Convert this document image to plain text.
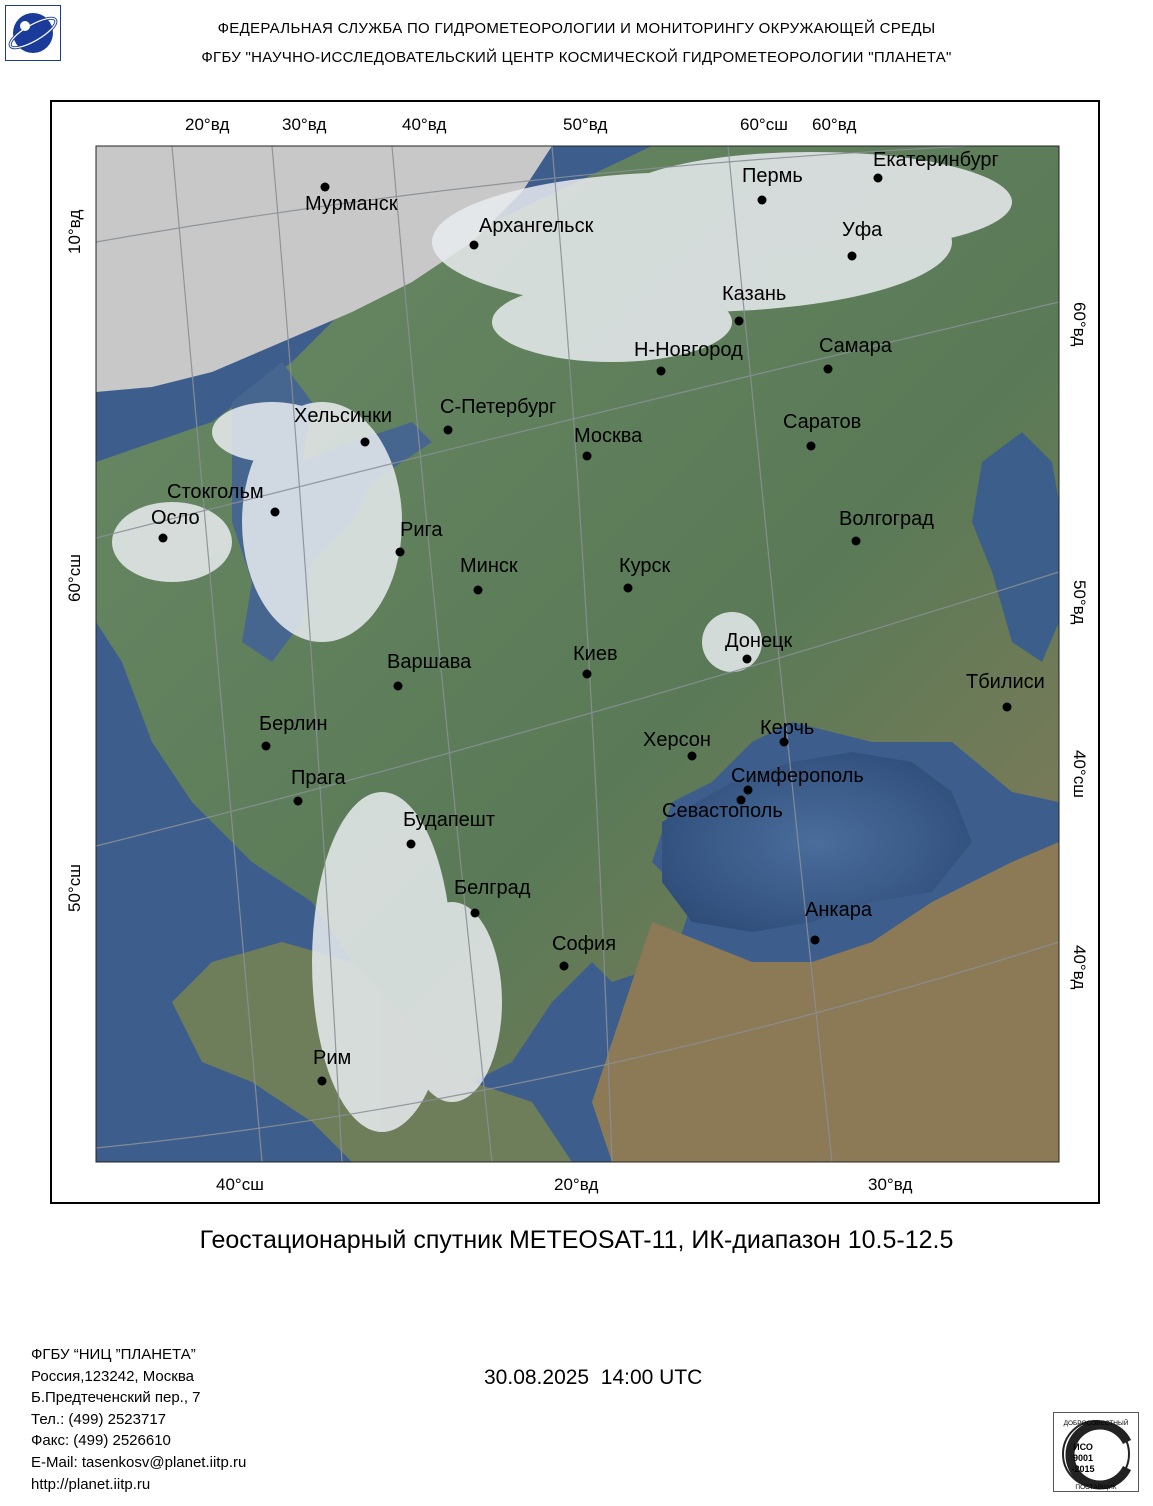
ФЕДЕРАЛЬНАЯ СЛУЖБА ПО ГИДРОМЕТЕОРОЛОГИИ И МОНИТОРИНГУ ОКРУЖАЮЩЕЙ СРЕДЫ
ФГБУ "НАУЧНО-ИССЛЕДОВАТЕЛЬСКИЙ ЦЕНТР КОСМИЧЕСКОЙ ГИДРОМЕТЕОРОЛОГИИ "ПЛАНЕТА"
20°вд	30°вд	40°вд	50°вд	60°сш 60°вд
40°сш	20°вд	30°вд
10°вд
60°сш
50°сш
60°вд
50°вд
40°сш
40°вд
Екатеринбург
Пермь
Мурманск
Архангельск	Уфа
Казань
Н-Новгород	Самара
Хельсинки С-Петербург
Москва
Саратов
Стокгольм
Осло
Рига	Волгоград
Минск	Курск
Донецк
Варшава	Киев
Тбилиси
Берлин
Херсон
Керчь
Прага	Симферополь
Севастополь
Будапешт
Белград
Анкара
София
Рим
Геостационарный спутник METEOSAT-11, ИК-диапазон 10.5-12.5
ФГБУ “НИЦ ”ПЛАНЕТА”
Россия,123242, Москва
Б.Предтеченский пер., 7
Тел.: (499) 2523717
Факс: (499) 2526610
E-Mail: tasenkosv@planet.iitp.ru
http://planet.iitp.ru
30.08.2025  14:00 UTC
ДОБРОСОВЕСТНЫЙ
ИСО
9001
-2015
ПОСТАВЩИК
